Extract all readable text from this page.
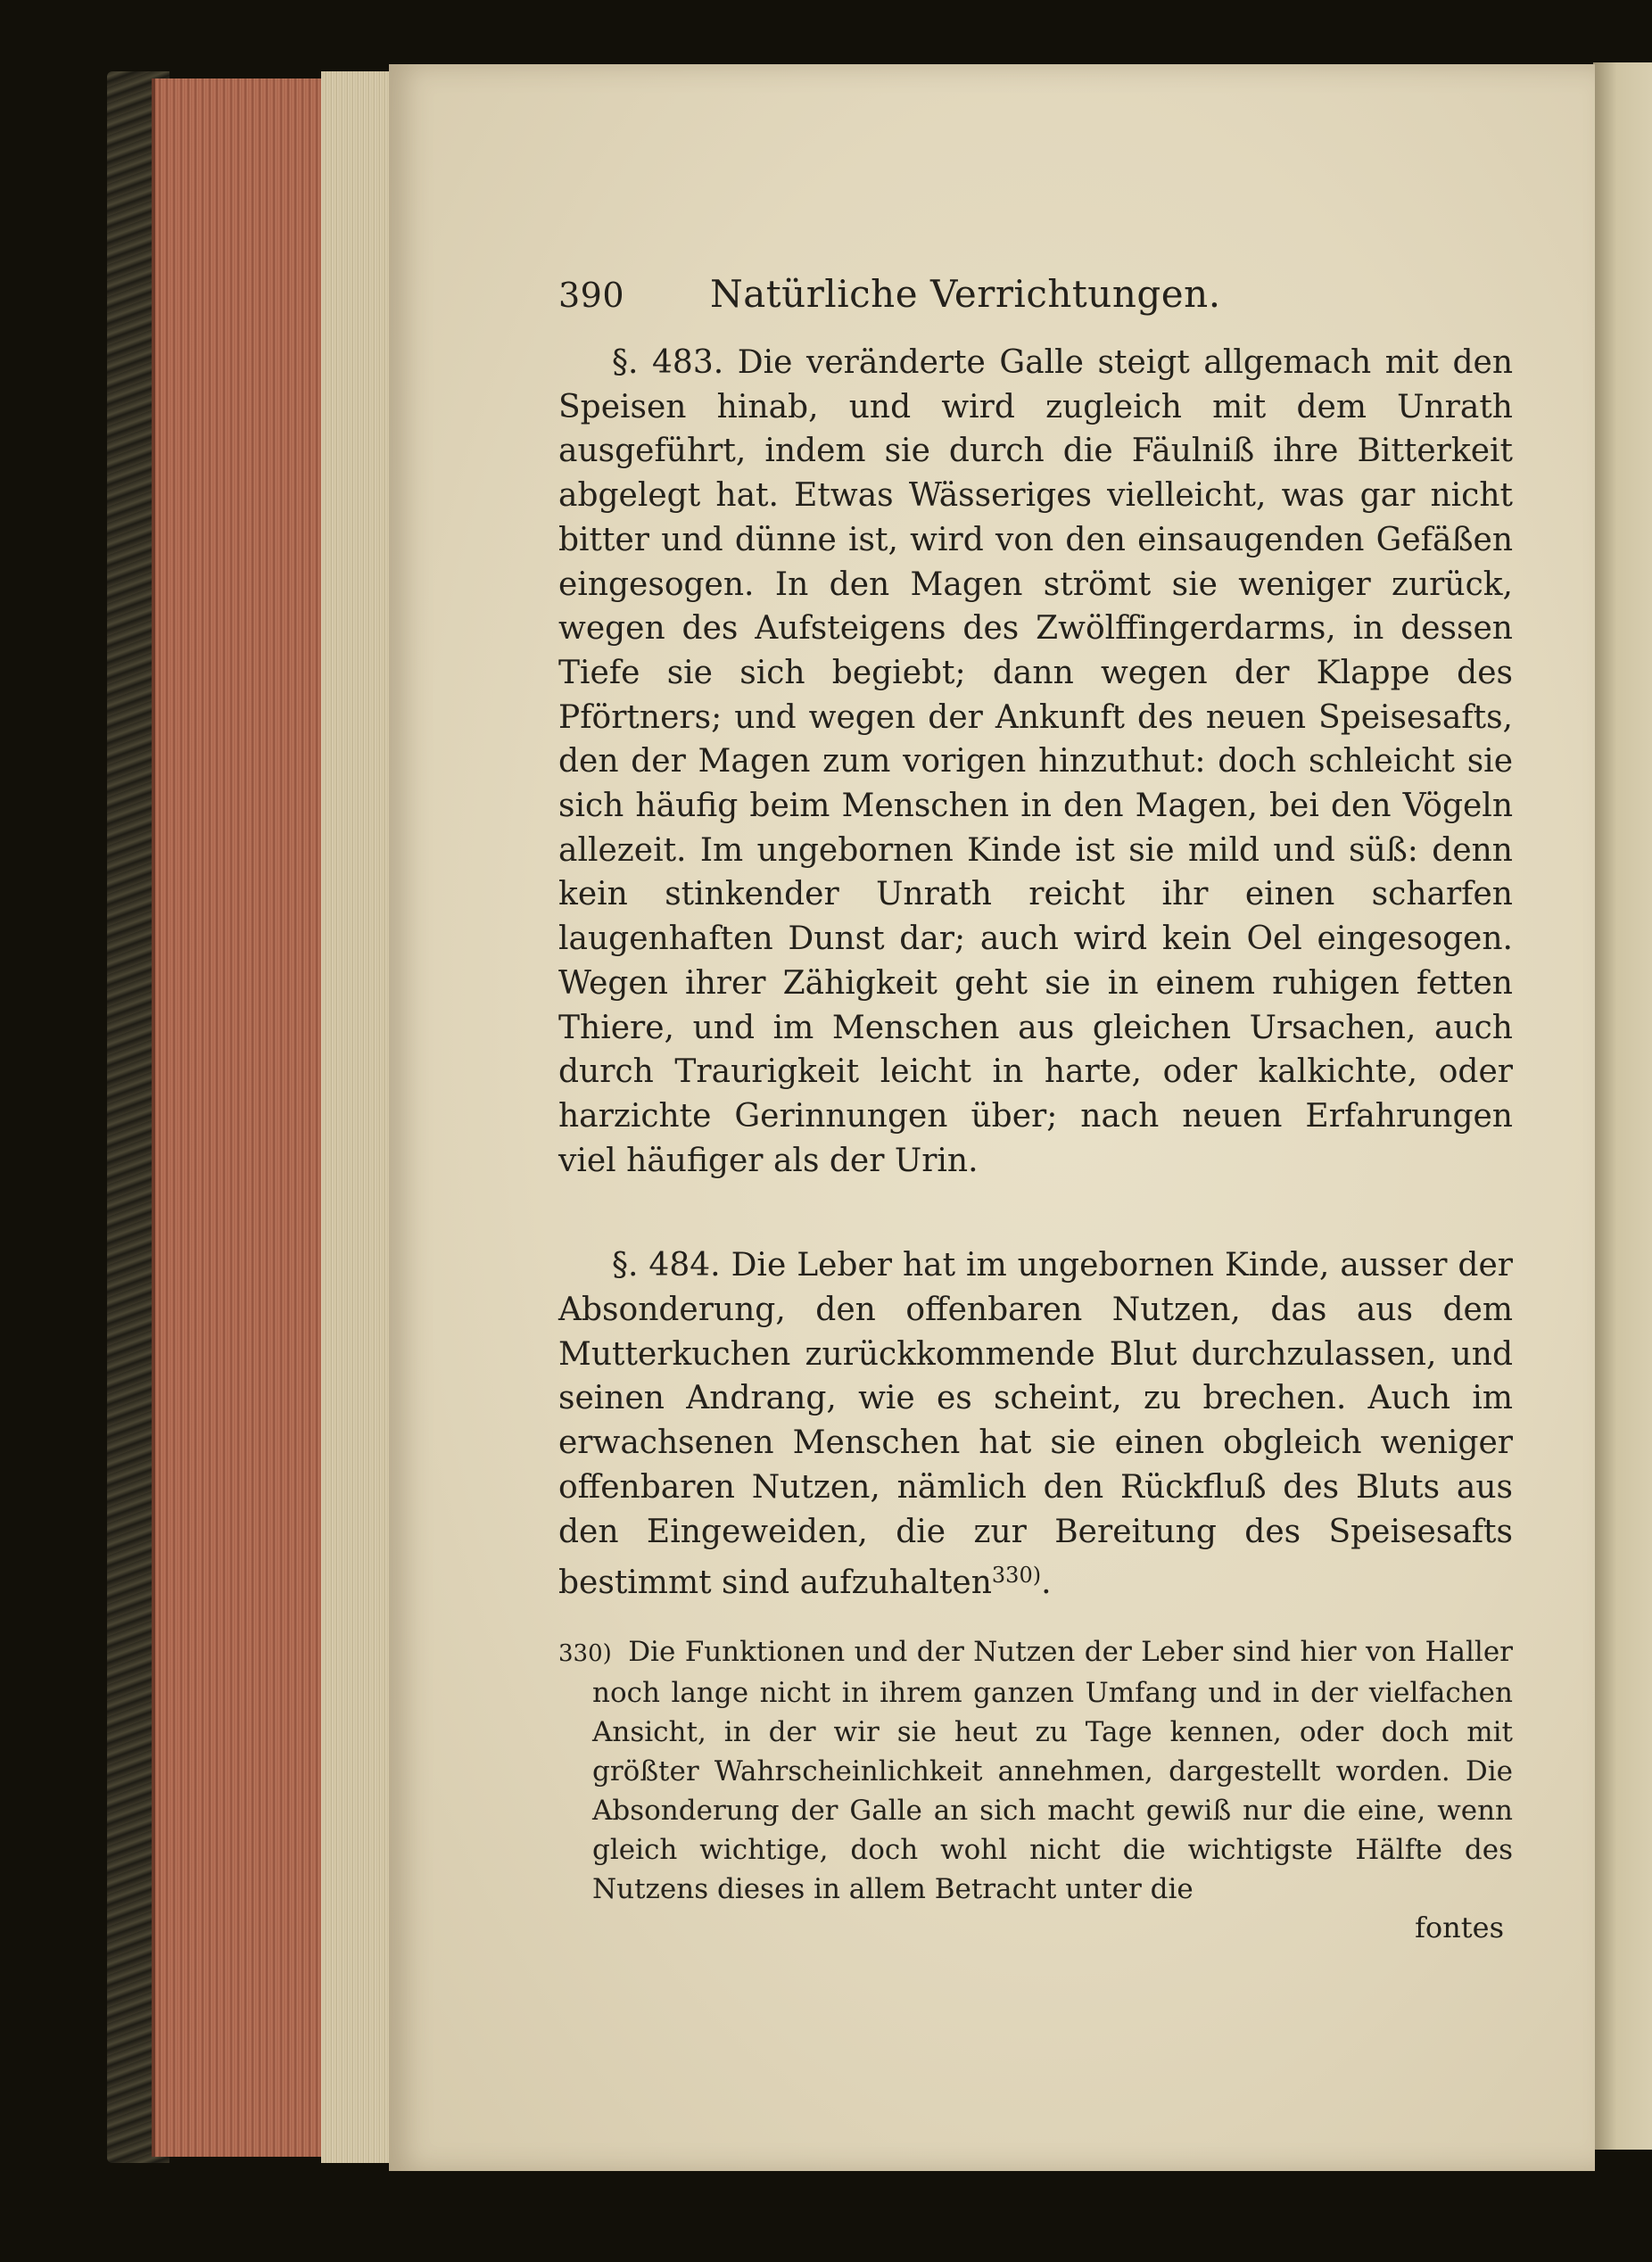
390	Natürliche Verrichtungen.

§. 483. Die veränderte Galle steigt allgemach mit den Speisen hinab, und wird zugleich mit dem Unrath ausgeführt, indem sie durch die Fäulniß ihre Bitterkeit abgelegt hat. Etwas Wässeriges vielleicht, was gar nicht bitter und dünne ist, wird von den einsaugenden Gefäßen eingesogen. In den Magen strömt sie weniger zurück, wegen des Aufsteigens des Zwölffingerdarms, in dessen Tiefe sie sich begiebt; dann wegen der Klappe des Pförtners; und wegen der Ankunft des neuen Speisesafts, den der Magen zum vorigen hinzuthut: doch schleicht sie sich häufig beim Menschen in den Magen, bei den Vögeln allezeit. Im ungebornen Kinde ist sie mild und süß: denn kein stinkender Unrath reicht ihr einen scharfen laugenhaften Dunst dar; auch wird kein Oel eingesogen. Wegen ihrer Zähigkeit geht sie in einem ruhigen fetten Thiere, und im Menschen aus gleichen Ursachen, auch durch Traurigkeit leicht in harte, oder kalkichte, oder harzichte Gerinnungen über; nach neuen Erfahrungen viel häufiger als der Urin.

§. 484. Die Leber hat im ungebornen Kinde, ausser der Absonderung, den offenbaren Nutzen, das aus dem Mutterkuchen zurückkommende Blut durchzulassen, und seinen Andrang, wie es scheint, zu brechen. Auch im erwachsenen Menschen hat sie einen obgleich weniger offenbaren Nutzen, nämlich den Rückfluß des Bluts aus den Eingeweiden, die zur Bereitung des Speisesafts bestimmt sind aufzuhalten$^{330)}$.

330) Die Funktionen und der Nutzen der Leber sind hier von Haller noch lange nicht in ihrem ganzen Umfang und in der vielfachen Ansicht, in der wir sie heut zu Tage kennen, oder doch mit größter Wahrscheinlichkeit annehmen, dargestellt worden. Die Absonderung der Galle an sich macht gewiß nur die eine, wenn gleich wichtige, doch wohl nicht die wichtigste Hälfte des Nutzens dieses in allem Betracht unter die
fontes
